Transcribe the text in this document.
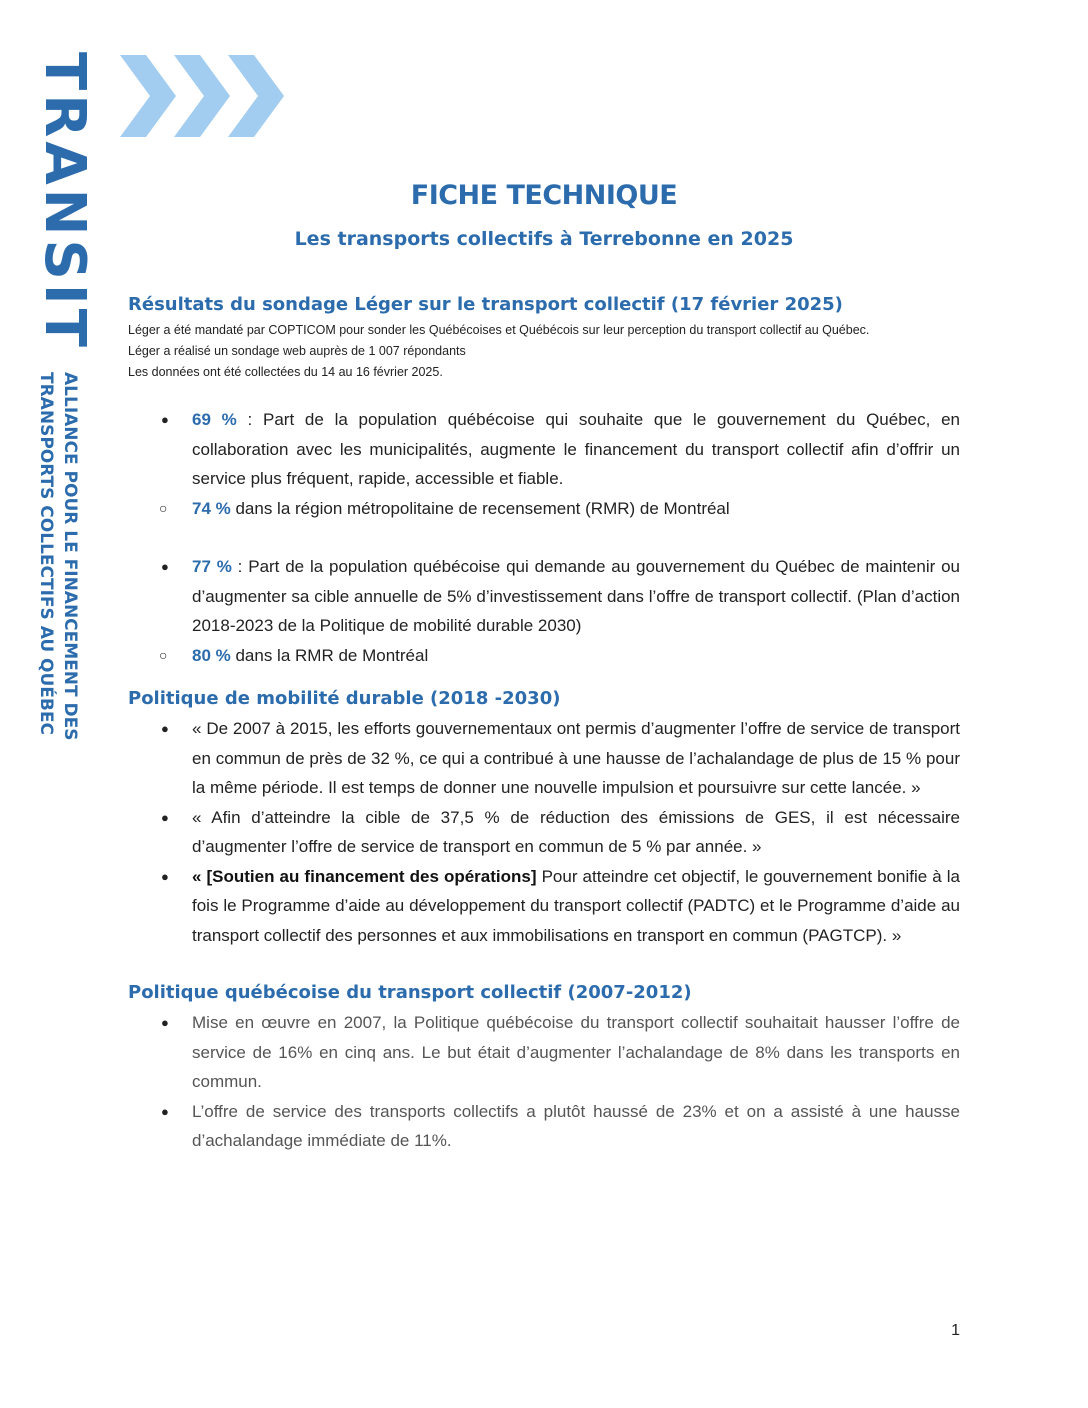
TRANSIT
ALLIANCE POUR LE FINANCEMENT DES
TRANSPORTS COLLECTIFS AU QUÉBEC
FICHE TECHNIQUE

Les transports collectifs à Terrebonne en 2025

Résultats du sondage Léger sur le transport collectif (17 février 2025)

Léger a été mandaté par COPTICOM pour sonder les Québécoises et Québécois sur leur perception du transport collectif au Québec.

Léger a réalisé un sondage web auprès de 1 007 répondants

Les données ont été collectées du 14 au 16 février 2025.

● 69 % : Part de la population québécoise qui souhaite que le gouvernement du Québec, en collaboration avec les municipalités, augmente le financement du transport collectif afin d’offrir un service plus fréquent, rapide, accessible et fiable.
○ 74 % dans la région métropolitaine de recensement (RMR) de Montréal
● 77 % : Part de la population québécoise qui demande au gouvernement du Québec de maintenir ou d’augmenter sa cible annuelle de 5% d’investissement dans l’offre de transport collectif. (Plan d’action 2018-2023 de la Politique de mobilité durable 2030)
○ 80 % dans la RMR de Montréal
Politique de mobilité durable (2018 -2030)
● « De 2007 à 2015, les efforts gouvernementaux ont permis d’augmenter l’offre de service de transport en commun de près de 32 %, ce qui a contribué à une hausse de l’achalandage de plus de 15 % pour la même période. Il est temps de donner une nouvelle impulsion et poursuivre sur cette lancée. »
● « Afin d’atteindre la cible de 37,5 % de réduction des émissions de GES, il est nécessaire d’augmenter l’offre de service de transport en commun de 5 % par année. »
● « [Soutien au financement des opérations] Pour atteindre cet objectif, le gouvernement bonifie à la fois le Programme d’aide au développement du transport collectif (PADTC) et le Programme d’aide au transport collectif des personnes et aux immobilisations en transport en commun (PAGTCP). »
Politique québécoise du transport collectif (2007-2012)
● Mise en œuvre en 2007, la Politique québécoise du transport collectif souhaitait hausser l’offre de service de 16% en cinq ans. Le but était d’augmenter l’achalandage de 8% dans les transports en commun.
● L’offre de service des transports collectifs a plutôt haussé de 23% et on a assisté à une hausse d’achalandage immédiate de 11%.
1
